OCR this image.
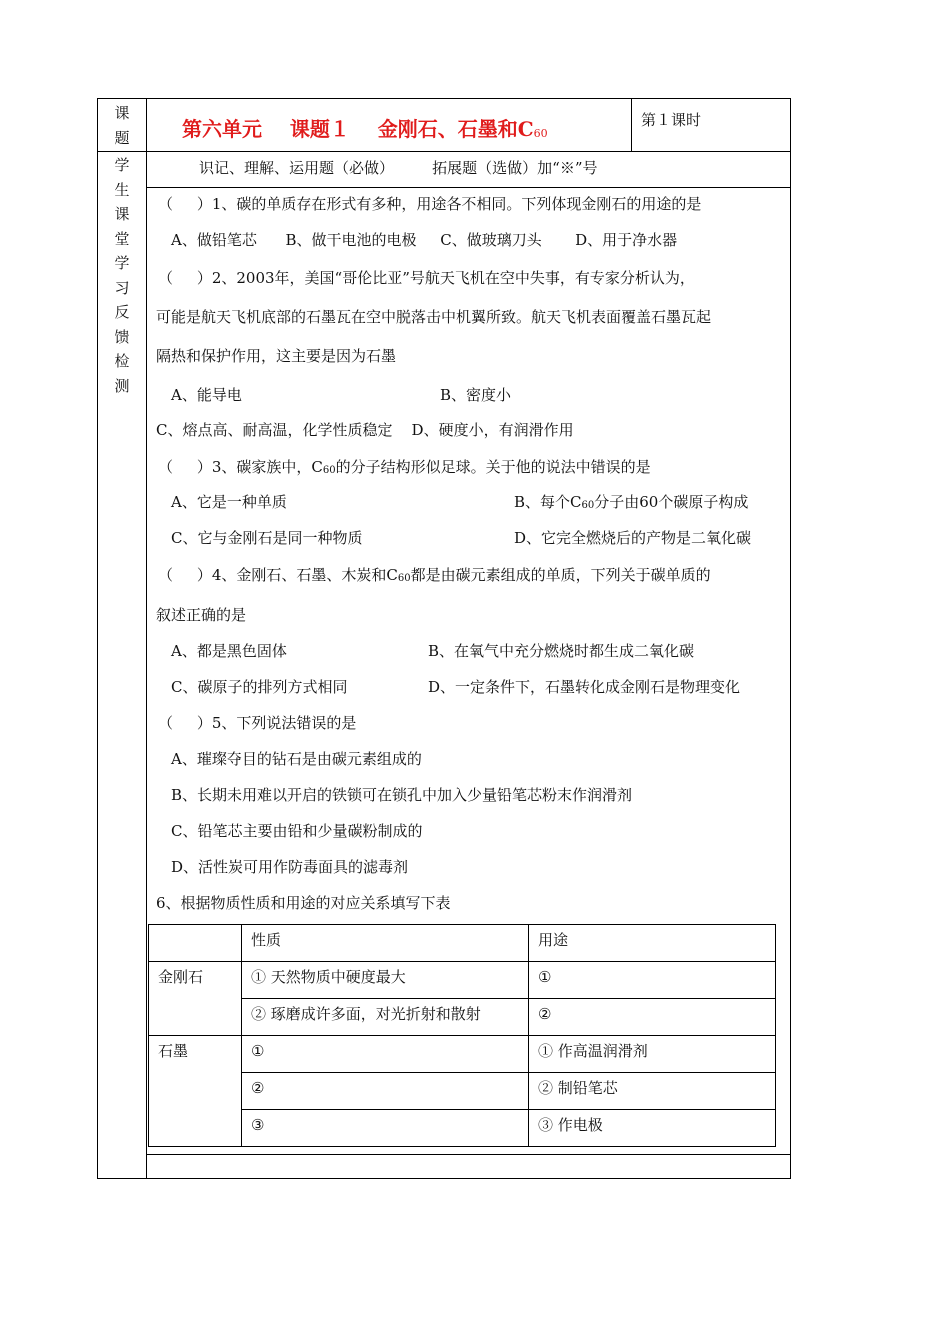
课
题
学
生
课
堂
学
习
反
馈
检
测
第六单元    课题１    金刚石、石墨和$C_{60}$
第１课时
识记、理解、运用题（必做）        拓展题（选做）加“※”号
（     ）1、碳的单质存在形式有多种，用途各不相同。下列体现金刚石的用途的是
A、做铅笔芯      B、做干电池的电极     C、做玻璃刀头       D、用于净水器
（     ）2、2003年，美国“哥伦比亚”号航天飞机在空中失事，有专家分析认为，
可能是航天飞机底部的石墨瓦在空中脱落击中机翼所致。航天飞机表面覆盖石墨瓦起
隔热和保护作用，这主要是因为石墨
A、能导电	B、密度小
C、熔点高、耐高温，化学性质稳定    D、硬度小，有润滑作用
（     ）3、碳家族中，$C_{60}$的分子结构形似足球。关于他的说法中错误的是
A、它是一种单质	B、每个$C_{60}$分子由60个碳原子构成
C、它与金刚石是同一种物质	D、它完全燃烧后的产物是二氧化碳
（     ）4、金刚石、石墨、木炭和$C_{60}$都是由碳元素组成的单质，下列关于碳单质的
叙述正确的是
A、都是黑色固体	B、在氧气中充分燃烧时都生成二氧化碳
C、碳原子的排列方式相同	D、一定条件下，石墨转化成金刚石是物理变化
（     ）5、下列说法错误的是
A、璀璨夺目的钻石是由碳元素组成的
B、长期未用难以开启的铁锁可在锁孔中加入少量铅笔芯粉末作润滑剂
C、铅笔芯主要由铅和少量碳粉制成的
D、活性炭可用作防毒面具的滤毒剂
6、根据物质性质和用途的对应关系填写下表
	性质	用途
金刚石	① 天然物质中硬度最大	①
	② 琢磨成许多面，对光折射和散射	②
石墨	①	① 作高温润滑剂
	②	② 制铅笔芯
	③	③ 作电极
